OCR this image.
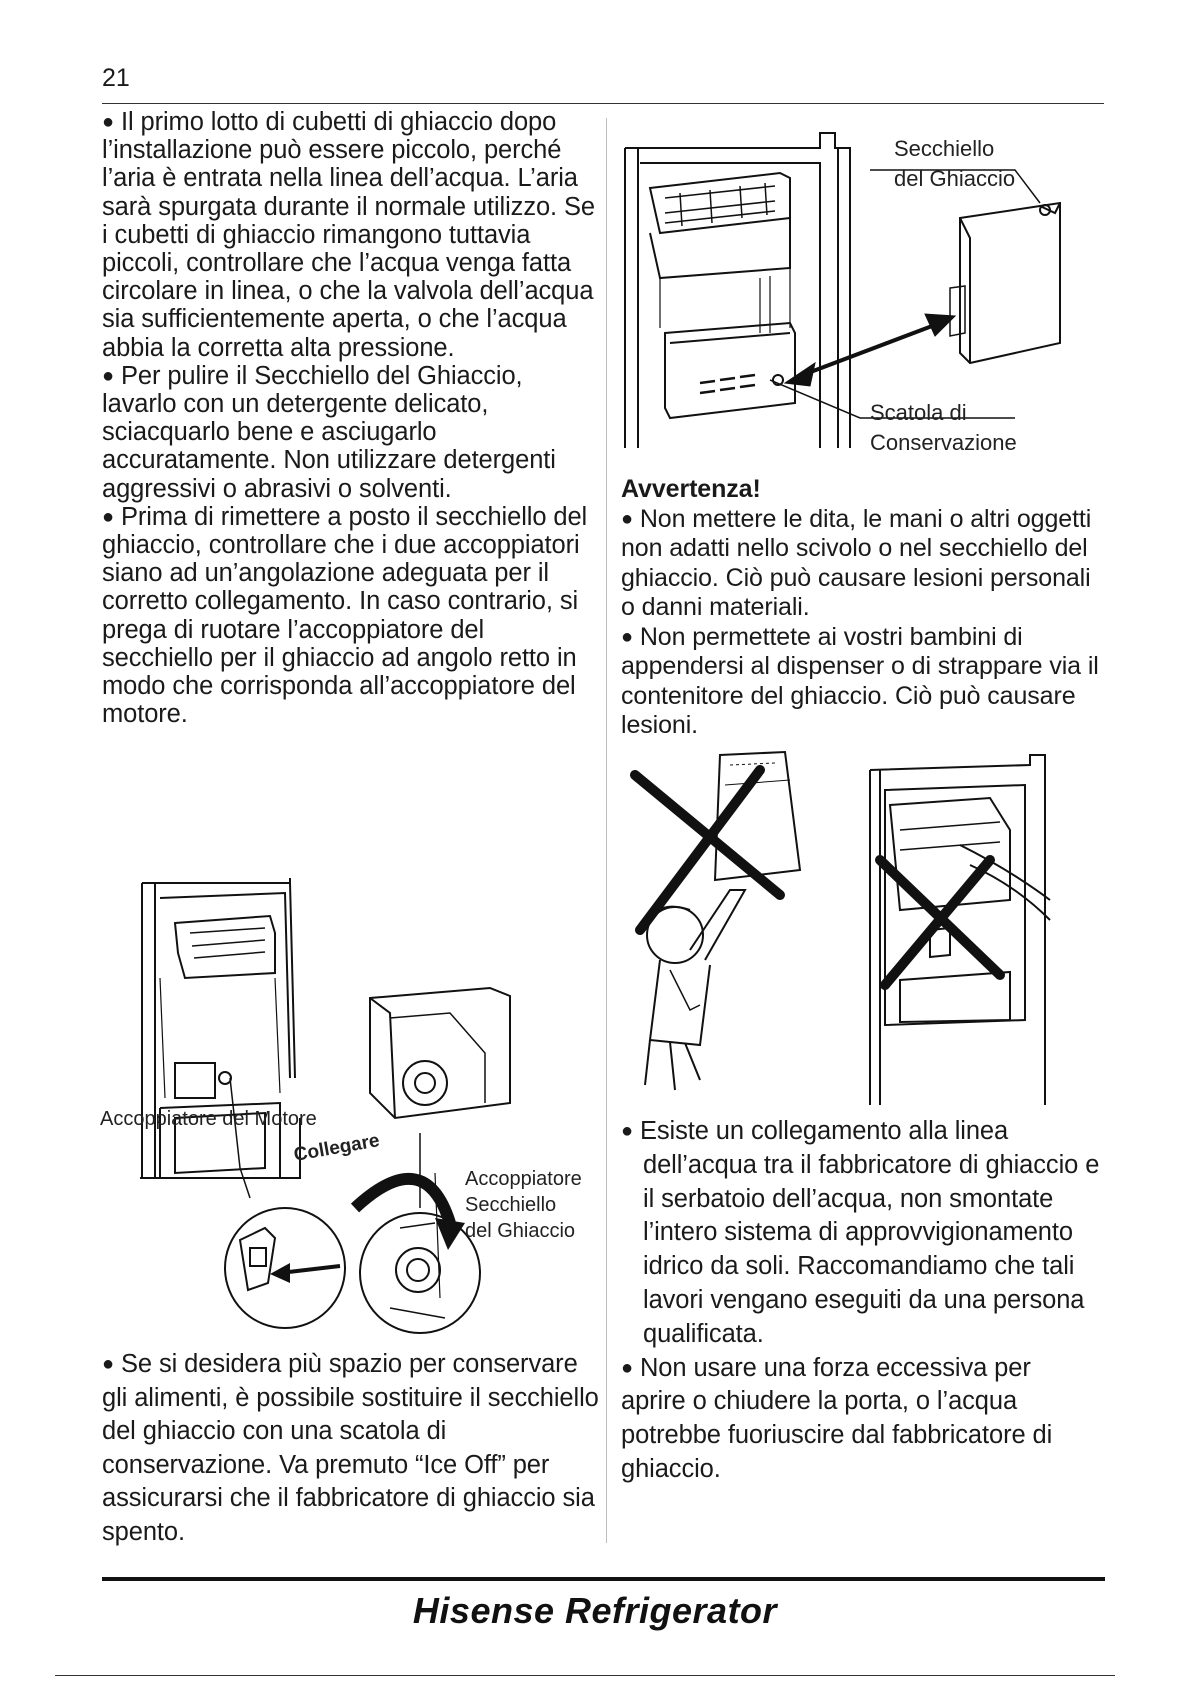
21

● Il primo lotto di cubetti di ghiaccio dopo l’installazione può essere piccolo, perché l’aria è entrata nella linea dell’acqua. L’aria sarà spurgata durante il normale utilizzo. Se i cubetti di ghiaccio rimangono tuttavia piccoli, controllare che l’acqua venga fatta circolare in linea, o che la valvola dell’acqua sia sufficientemente aperta, o che l’acqua abbia la corretta alta pressione.

● Per pulire il Secchiello del Ghiaccio, lavarlo con un detergente delicato, sciacquarlo bene e asciugarlo accuratamente. Non utilizzare detergenti aggressivi o abrasivi o solventi.

● Prima di rimettere a posto il secchiello del ghiaccio, controllare che i due accoppiatori siano ad un’angolazione adeguata per il corretto collegamento. In caso contrario, si prega di ruotare l’accoppiatore del secchiello per il ghiaccio ad angolo retto in modo che corrisponda all’accoppiatore del motore.

Secchiello
del Ghiaccio
Scatola di
Conservazione

Avvertenza!

● Non mettere le dita, le mani o altri oggetti non adatti nello scivolo o nel secchiello del ghiaccio. Ciò può causare lesioni personali o danni materiali.

● Non permettete ai vostri bambini di appendersi al dispenser o di strappare via il contenitore del ghiaccio. Ciò può causare lesioni.

Accoppiatore del Motore
Collegare
Accoppiatore
Secchiello
del Ghiaccio

● Se si desidera più spazio per conservare gli alimenti, è possibile sostituire il secchiello del ghiaccio con una scatola di conservazione. Va premuto “Ice Off” per assicurarsi che il fabbricatore di ghiaccio sia spento.

● Esiste un collegamento alla linea dell’acqua tra il fabbricatore di ghiaccio e il serbatoio dell’acqua, non smontate l’intero sistema di approvvigionamento idrico da soli. Raccomandiamo che tali lavori vengano eseguiti da una persona qualificata.

● Non usare una forza eccessiva per aprire o chiudere la porta, o l’acqua potrebbe fuoriuscire dal fabbricatore di ghiaccio.

Hisense Refrigerator
